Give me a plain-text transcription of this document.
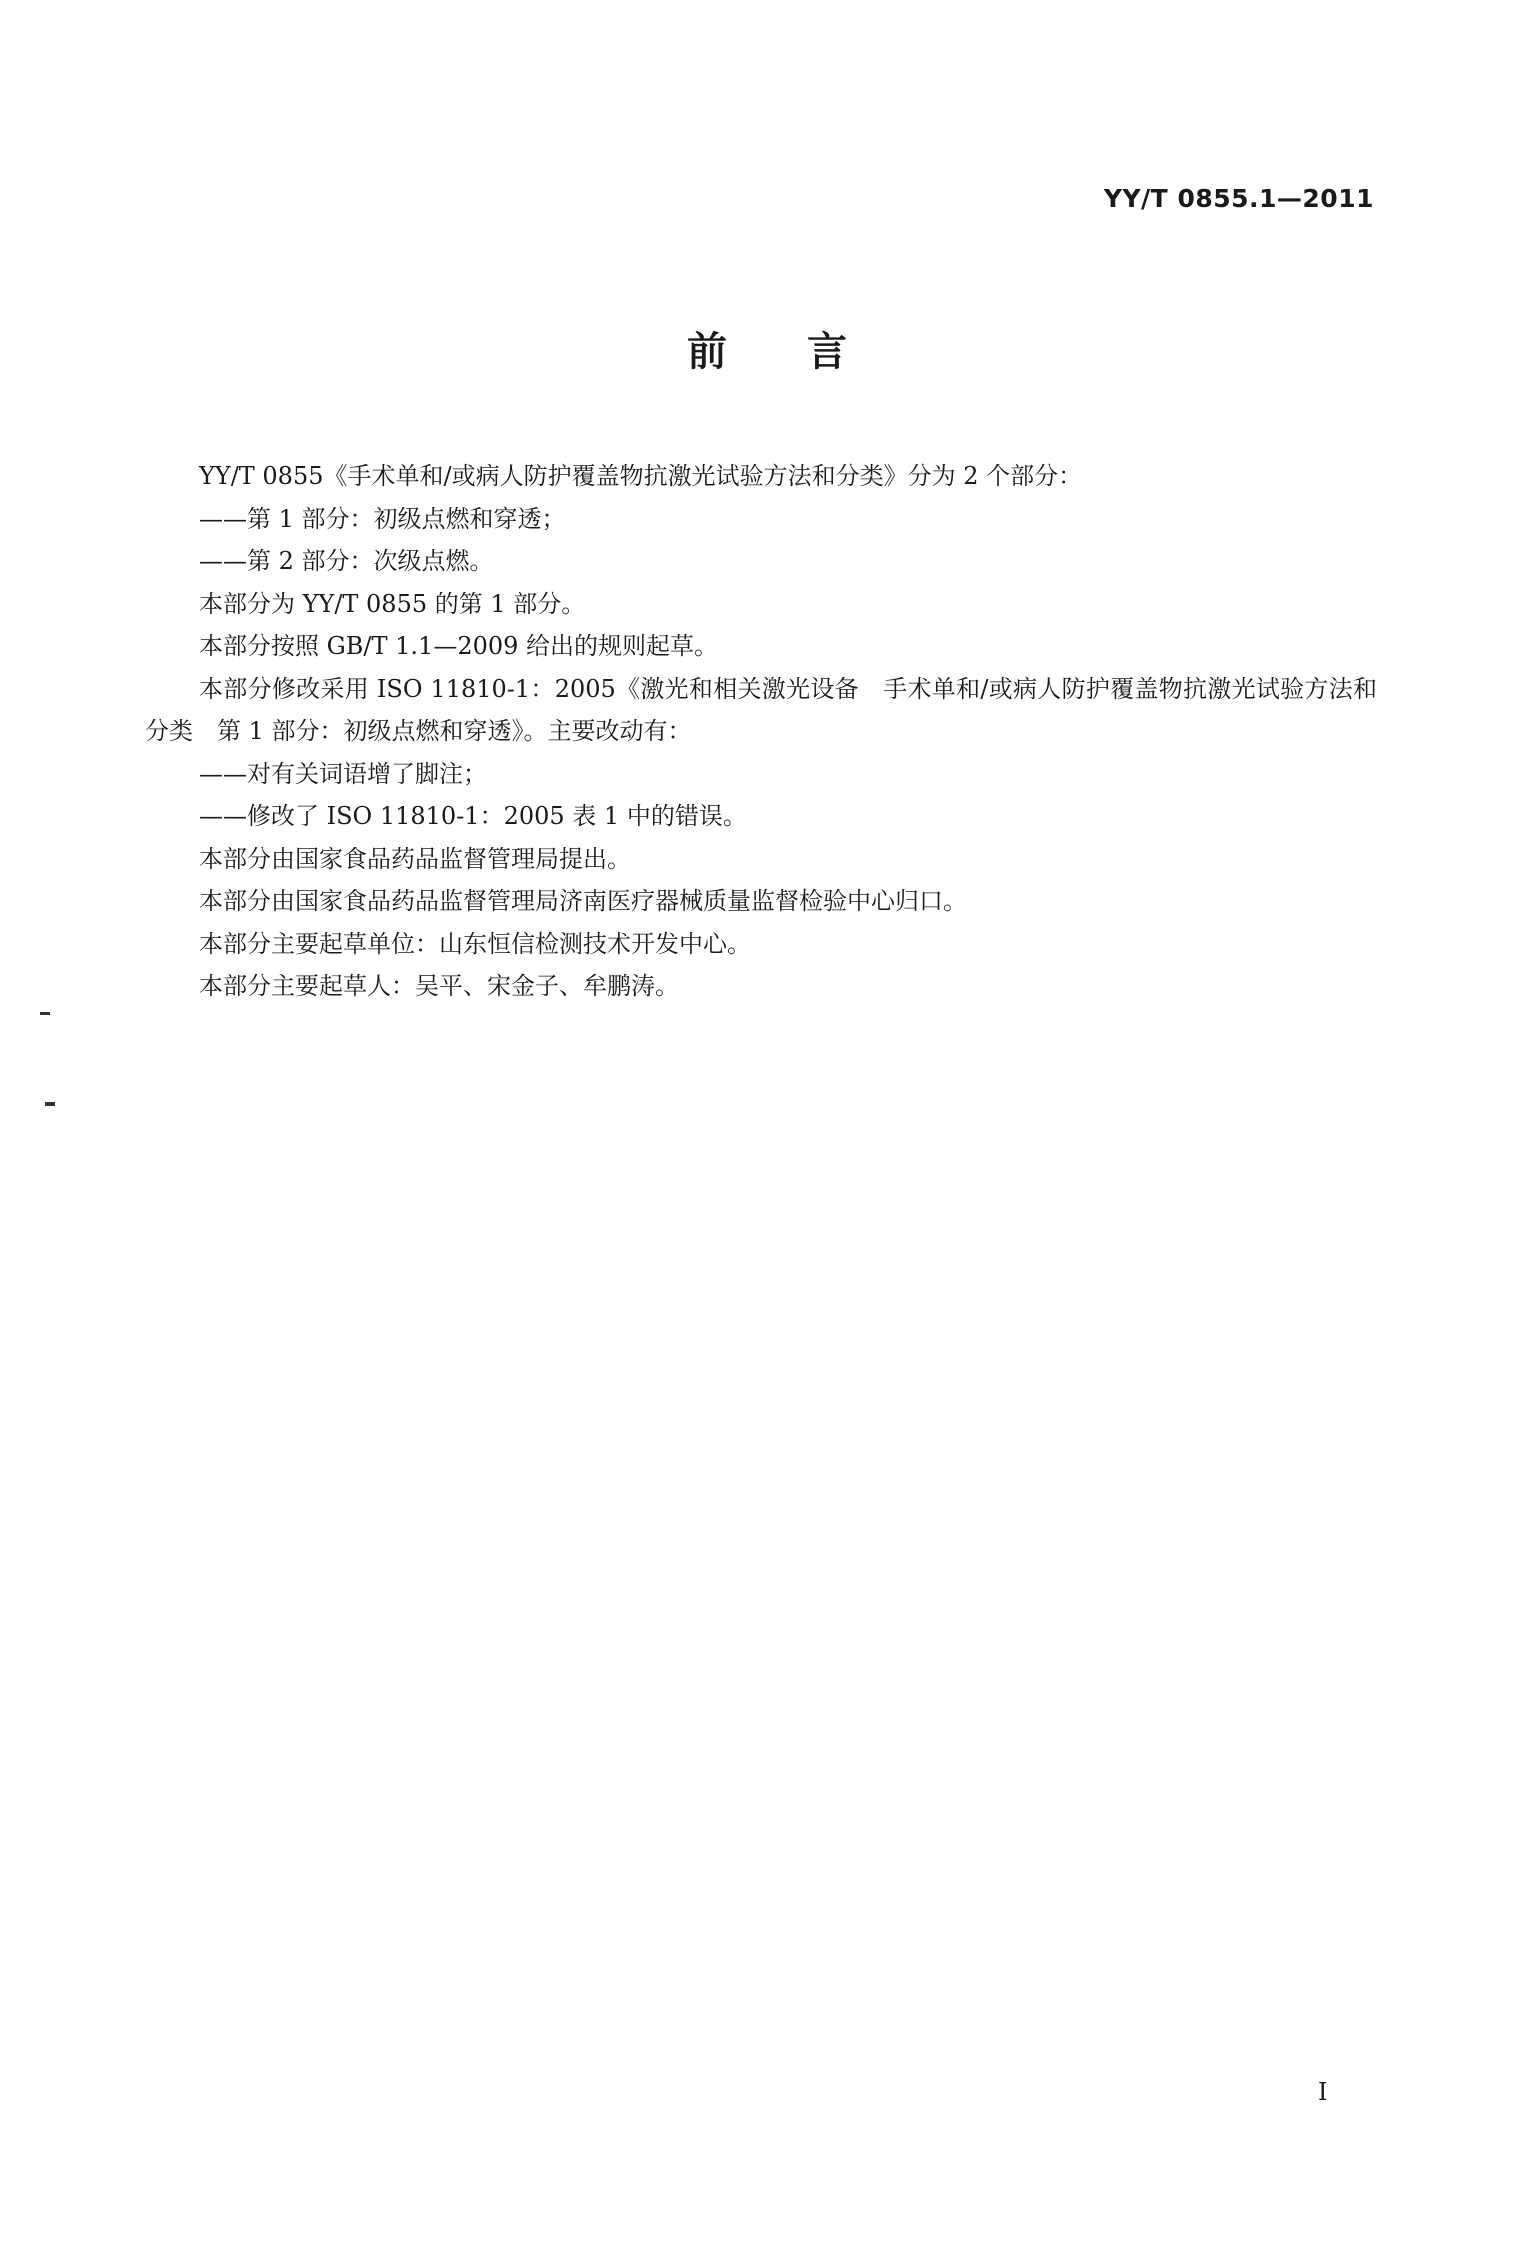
YY/T 0855.1—2011
前言

YY/T 0855《手术单和/或病人防护覆盖物抗激光试验方法和分类》分为 2 个部分：

——第 1 部分：初级点燃和穿透；

——第 2 部分：次级点燃。

本部分为 YY/T 0855 的第 1 部分。

本部分按照 GB/T 1.1—2009 给出的规则起草。

本部分修改采用 ISO 11810-1：2005《激光和相关激光设备　手术单和/或病人防护覆盖物抗激光试验方法和分类　第 1 部分：初级点燃和穿透》。主要改动有：

——对有关词语增了脚注；

——修改了 ISO 11810-1：2005 表 1 中的错误。

本部分由国家食品药品监督管理局提出。

本部分由国家食品药品监督管理局济南医疗器械质量监督检验中心归口。

本部分主要起草单位：山东恒信检测技术开发中心。

本部分主要起草人：吴平、宋金子、牟鹏涛。

I
